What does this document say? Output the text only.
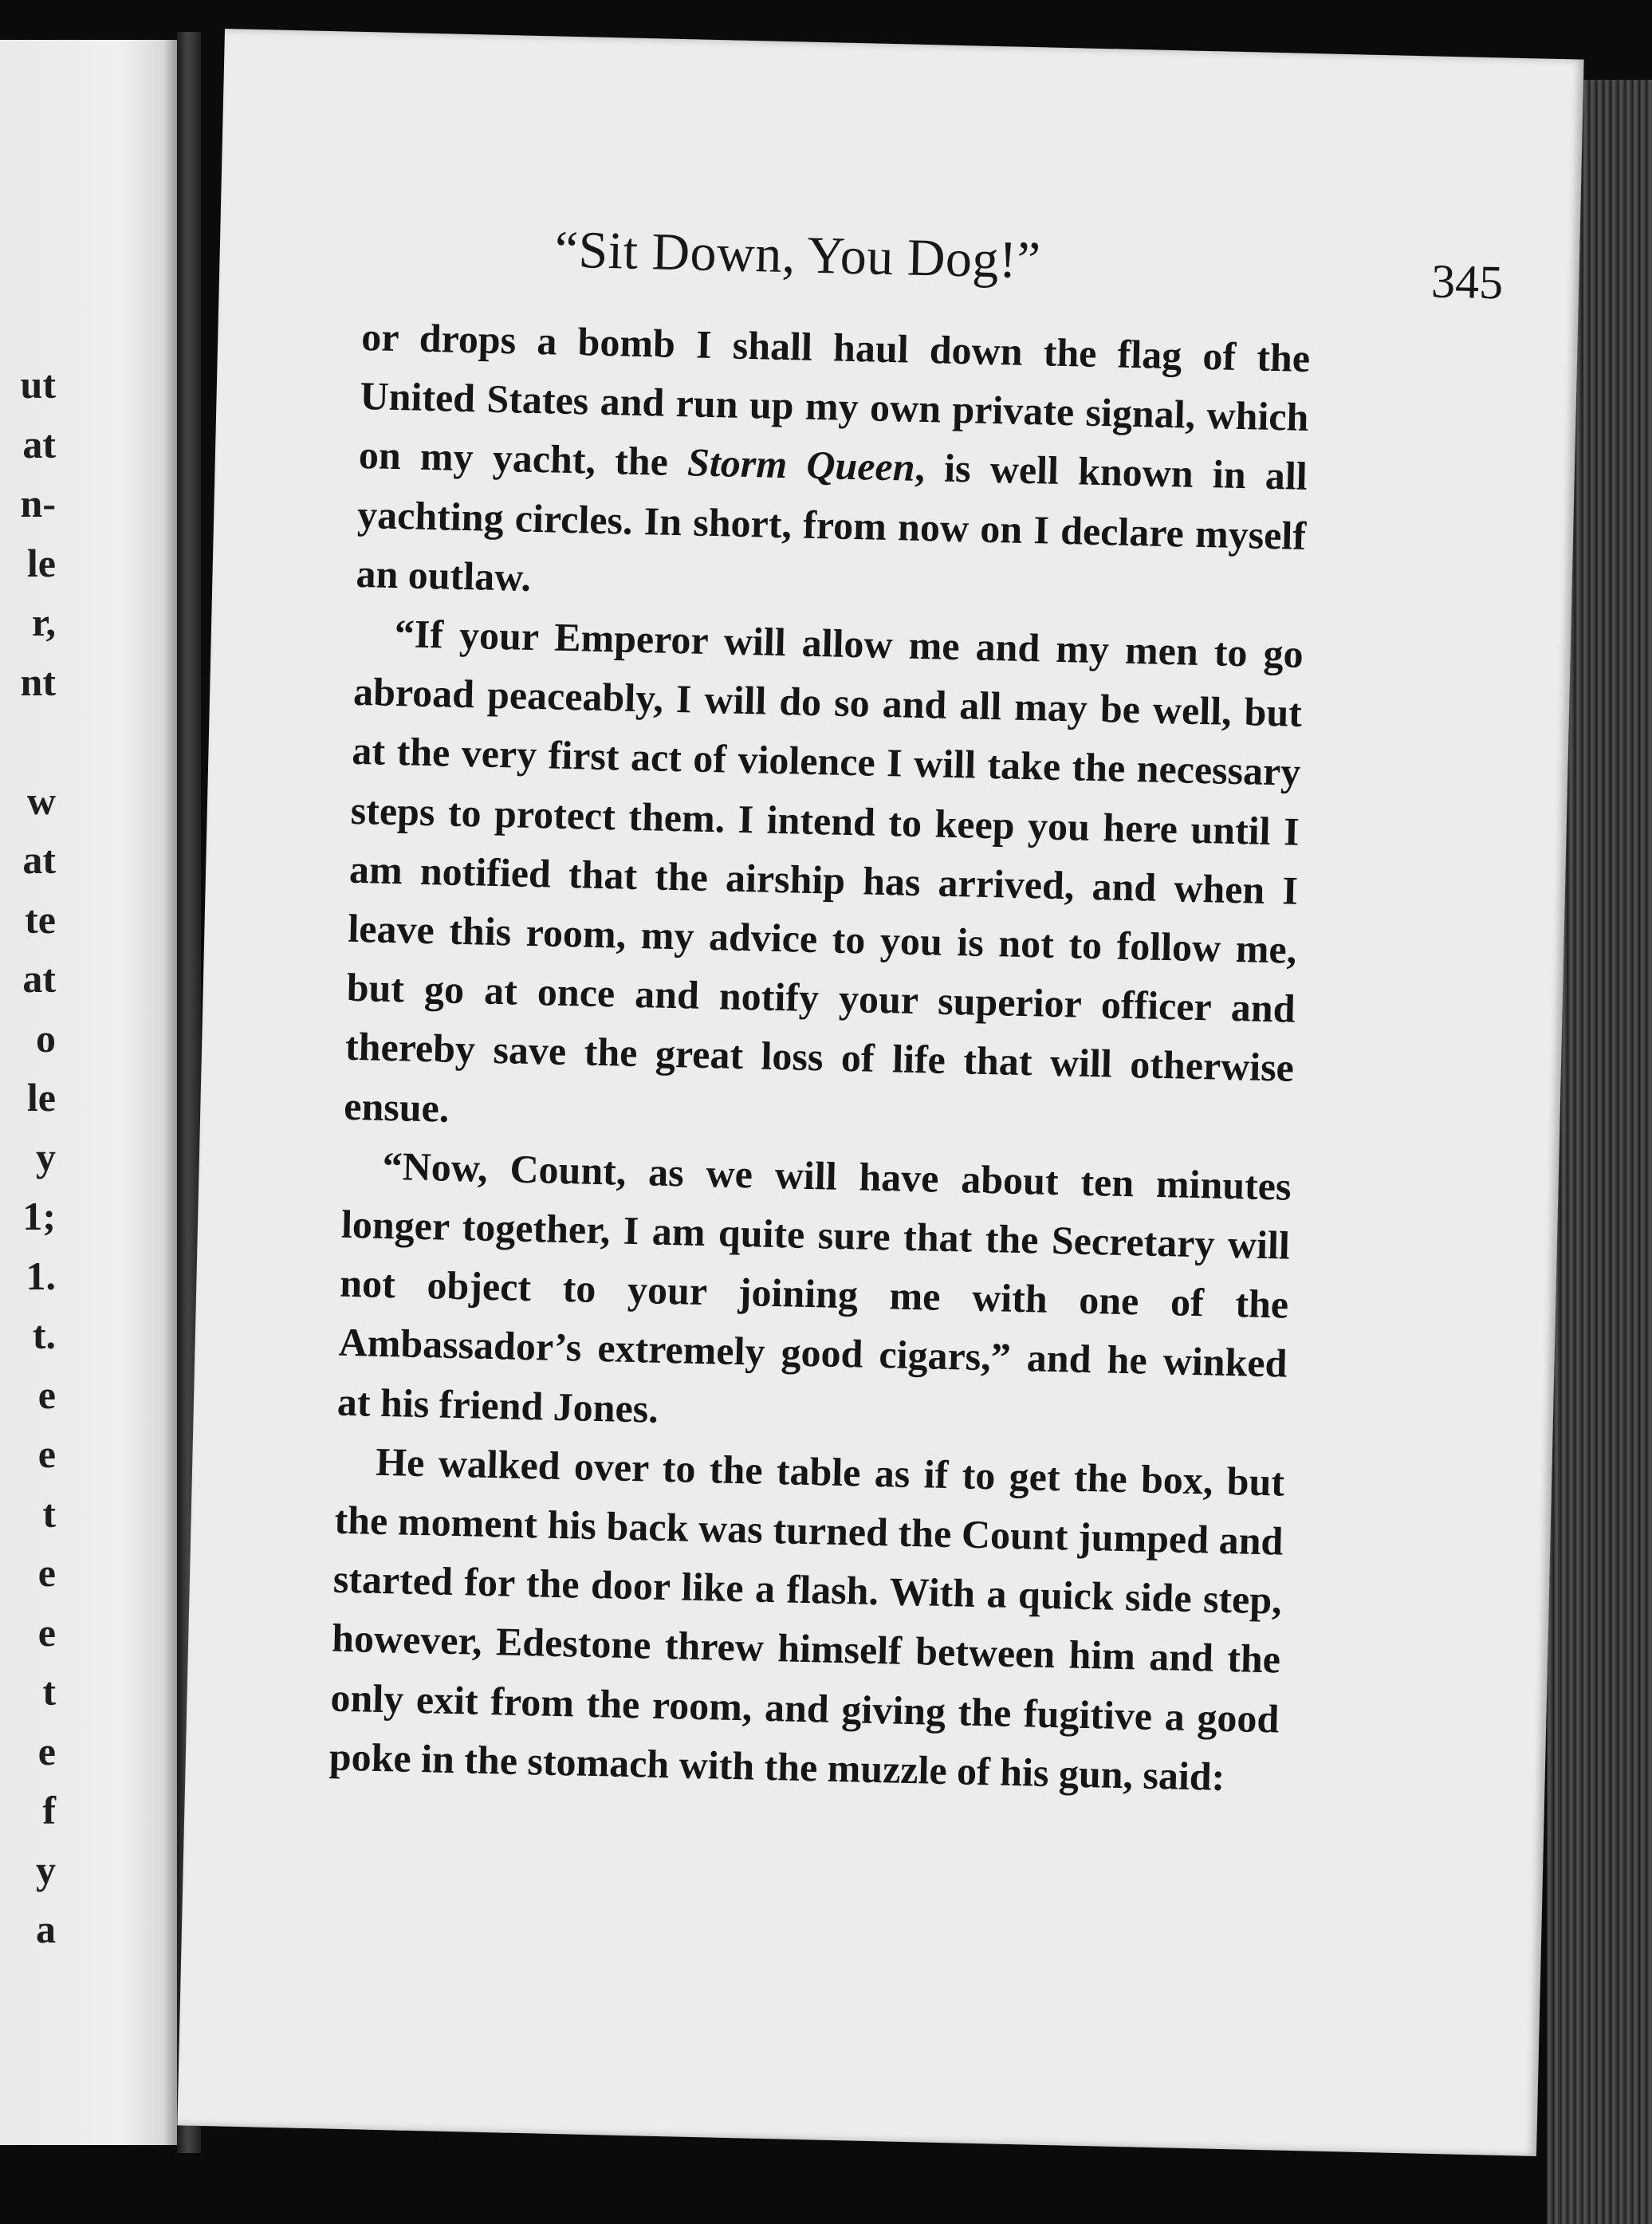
ut
at
n-
le
r,
nt
w
at
te
at
o
le
y
1;
1.
t.
e
e
t
e
e
t
e
f
y
a
“Sit Down, You Dog!”	345

or drops a bomb I shall haul down the flag of the United States and run up my own private signal, which on my yacht, the Storm Queen, is well known in all yachting circles. In short, from now on I declare myself an outlaw.

“If your Emperor will allow me and my men to go abroad peaceably, I will do so and all may be well, but at the very first act of violence I will take the necessary steps to protect them. I intend to keep you here until I am notified that the airship has arrived, and when I leave this room, my advice to you is not to follow me, but go at once and notify your superior officer and thereby save the great loss of life that will otherwise ensue.

“Now, Count, as we will have about ten minutes longer together, I am quite sure that the Secretary will not object to your joining me with one of the Ambassador’s extremely good cigars,” and he winked at his friend Jones.

He walked over to the table as if to get the box, but the moment his back was turned the Count jumped and started for the door like a flash. With a quick side step, however, Edestone threw himself between him and the only exit from the room, and giving the fugitive a good poke in the stomach with the muzzle of his gun, said:
